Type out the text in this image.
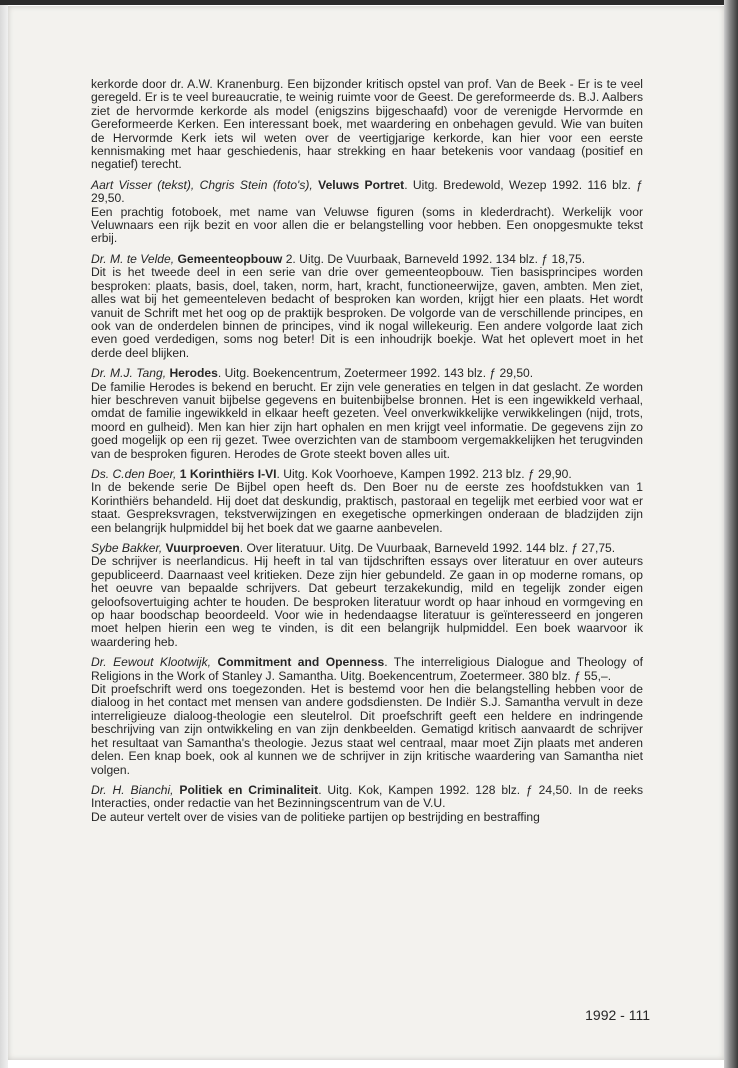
kerkorde door dr. A.W. Kranenburg. Een bijzonder kritisch opstel van prof. Van de Beek - Er is te veel geregeld. Er is te veel bureaucratie, te weinig ruimte voor de Geest. De gereformeerde ds. B.J. Aalbers ziet de hervormde kerkorde als model (enigszins bijgeschaafd) voor de verenigde Hervormde en Gereformeerde Kerken. Een interessant boek, met waardering en onbehagen gevuld. Wie van buiten de Hervormde Kerk iets wil weten over de veertigjarige kerkorde, kan hier voor een eerste kennismaking met haar geschiedenis, haar strekking en haar betekenis voor vandaag (positief en negatief) terecht.

Aart Visser (tekst), Chgris Stein (foto's), Veluws Portret. Uitg. Bredewold, Wezep 1992. 116 blz. ƒ 29,50.

Een prachtig fotoboek, met name van Veluwse figuren (soms in klederdracht). Werkelijk voor Veluwnaars een rijk bezit en voor allen die er belangstelling voor hebben. Een onopgesmukte tekst erbij.

Dr. M. te Velde, Gemeenteopbouw 2. Uitg. De Vuurbaak, Barneveld 1992. 134 blz. ƒ 18,75.

Dit is het tweede deel in een serie van drie over gemeenteopbouw. Tien basisprincipes worden besproken: plaats, basis, doel, taken, norm, hart, kracht, functioneerwijze, gaven, ambten. Men ziet, alles wat bij het gemeenteleven bedacht of besproken kan worden, krijgt hier een plaats. Het wordt vanuit de Schrift met het oog op de praktijk besproken. De volgorde van de verschillende principes, en ook van de onderdelen binnen de principes, vind ik nogal willekeurig. Een andere volgorde laat zich even goed verdedigen, soms nog beter! Dit is een inhoudrijk boekje. Wat het oplevert moet in het derde deel blijken.

Dr. M.J. Tang, Herodes. Uitg. Boekencentrum, Zoetermeer 1992. 143 blz. ƒ 29,50.

De familie Herodes is bekend en berucht. Er zijn vele generaties en telgen in dat geslacht. Ze worden hier beschreven vanuit bijbelse gegevens en buitenbijbelse bronnen. Het is een ingewikkeld verhaal, omdat de familie ingewikkeld in elkaar heeft gezeten. Veel onverkwikkelijke verwikkelingen (nijd, trots, moord en gulheid). Men kan hier zijn hart ophalen en men krijgt veel informatie. De gegevens zijn zo goed mogelijk op een rij gezet. Twee overzichten van de stamboom vergemakkelijken het terugvinden van de besproken figuren. Herodes de Grote steekt boven alles uit.

Ds. C.den Boer, 1 Korinthiërs I-VI. Uitg. Kok Voorhoeve, Kampen 1992. 213 blz. ƒ 29,90.

In de bekende serie De Bijbel open heeft ds. Den Boer nu de eerste zes hoofdstukken van 1 Korinthiërs behandeld. Hij doet dat deskundig, praktisch, pastoraal en tegelijk met eerbied voor wat er staat. Gespreksvragen, tekstverwijzingen en exegetische opmerkingen onderaan de bladzijden zijn een belangrijk hulpmiddel bij het boek dat we gaarne aanbevelen.

Sybe Bakker, Vuurproeven. Over literatuur. Uitg. De Vuurbaak, Barneveld 1992. 144 blz. ƒ 27,75.

De schrijver is neerlandicus. Hij heeft in tal van tijdschriften essays over literatuur en over auteurs gepubliceerd. Daarnaast veel kritieken. Deze zijn hier gebundeld. Ze gaan in op moderne romans, op het oeuvre van bepaalde schrijvers. Dat gebeurt terzakekundig, mild en tegelijk zonder eigen geloofsovertuiging achter te houden. De besproken literatuur wordt op haar inhoud en vormgeving en op haar boodschap beoordeeld. Voor wie in hedendaagse literatuur is geïnteresseerd en jongeren moet helpen hierin een weg te vinden, is dit een belangrijk hulpmiddel. Een boek waarvoor ik waardering heb.

Dr. Eewout Klootwijk, Commitment and Openness. The interreligious Dialogue and Theology of Religions in the Work of Stanley J. Samantha. Uitg. Boekencentrum, Zoetermeer. 380 blz. ƒ 55,–.

Dit proefschrift werd ons toegezonden. Het is bestemd voor hen die belangstelling hebben voor de dialoog in het contact met mensen van andere godsdiensten. De Indiër S.J. Samantha vervult in deze interreligieuze dialoog-theologie een sleutelrol. Dit proefschrift geeft een heldere en indringende beschrijving van zijn ontwikkeling en van zijn denkbeelden. Gematigd kritisch aanvaardt de schrijver het resultaat van Samantha's theologie. Jezus staat wel centraal, maar moet Zijn plaats met anderen delen. Een knap boek, ook al kunnen we de schrijver in zijn kritische waardering van Samantha niet volgen.

Dr. H. Bianchi, Politiek en Criminaliteit. Uitg. Kok, Kampen 1992. 128 blz. ƒ 24,50. In de reeks Interacties, onder redactie van het Bezinningscentrum van de V.U.

De auteur vertelt over de visies van de politieke partijen op bestrijding en bestraffing

1992 - 111
